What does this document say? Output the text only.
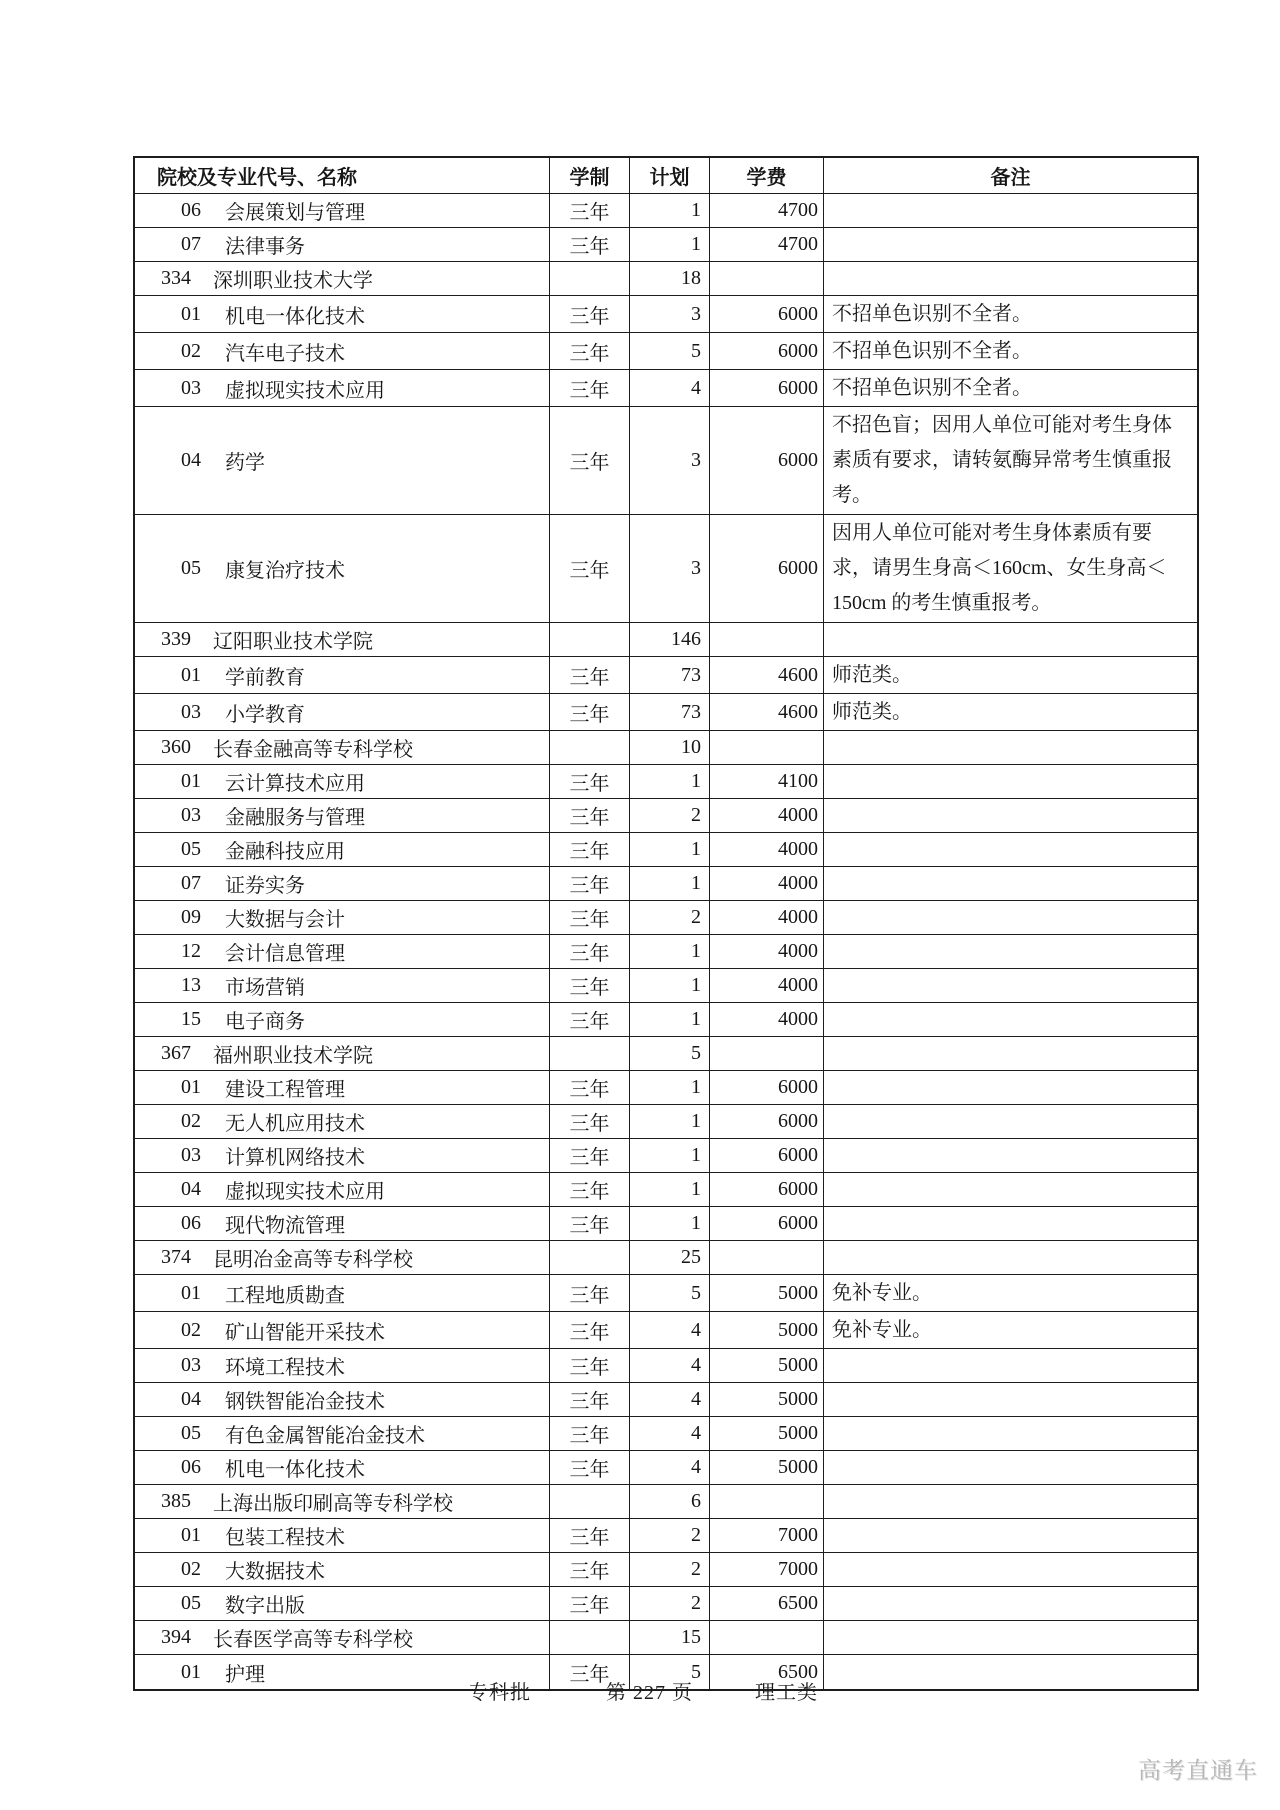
院校及专业代号、名称	学制	计划	学费	备注

06 会展策划与管理	三年	1	4700	

07 法律事务	三年	1	4700	

334 深圳职业技术大学		18		

01 机电一体化技术	三年	3	6000	不招单色识别不全者。

02 汽车电子技术	三年	5	6000	不招单色识别不全者。

03 虚拟现实技术应用	三年	4	6000	不招单色识别不全者。

04 药学	三年	3	6000	不招色盲；因用人单位可能对考生身体素质有要求，请转氨酶异常考生慎重报考。

05 康复治疗技术	三年	3	6000	因用人单位可能对考生身体素质有要求，请男生身高＜160cm、女生身高＜150cm 的考生慎重报考。

339 辽阳职业技术学院		146		

01 学前教育	三年	73	4600	师范类。

03 小学教育	三年	73	4600	师范类。

360 长春金融高等专科学校		10		

01 云计算技术应用	三年	1	4100	

03 金融服务与管理	三年	2	4000	

05 金融科技应用	三年	1	4000	

07 证券实务	三年	1	4000	

09 大数据与会计	三年	2	4000	

12 会计信息管理	三年	1	4000	

13 市场营销	三年	1	4000	

15 电子商务	三年	1	4000	

367 福州职业技术学院		5		

01 建设工程管理	三年	1	6000	

02 无人机应用技术	三年	1	6000	

03 计算机网络技术	三年	1	6000	

04 虚拟现实技术应用	三年	1	6000	

06 现代物流管理	三年	1	6000	

374 昆明冶金高等专科学校		25		

01 工程地质勘查	三年	5	5000	免补专业。

02 矿山智能开采技术	三年	4	5000	免补专业。

03 环境工程技术	三年	4	5000	

04 钢铁智能冶金技术	三年	4	5000	

05 有色金属智能冶金技术	三年	4	5000	

06 机电一体化技术	三年	4	5000	

385 上海出版印刷高等专科学校		6		

01 包装工程技术	三年	2	7000	

02 大数据技术	三年	2	7000	

05 数字出版	三年	2	6500	

394 长春医学高等专科学校		15		

01 护理	三年	5	6500	
专科批	第 227 页	理工类
高考直通车
